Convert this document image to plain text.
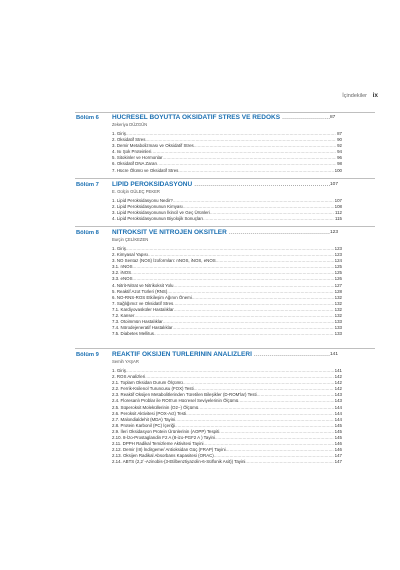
İçindekiler ix
Bölüm 6 HÜCRESEL BOYUTTA OKSİDATİF STRES VE REDOKS .....	87
Zekeriya DÜZGÜN
1. Giriş .....	87
2. Oksidatif Stres .....	90
3. Demir Metabolizması ve Oksidatif Stres .....	92
4. Isı Şok Proteinleri .....	94
5. Sitokinler ve Hormonlar .....	96
6. Oksidatif DNA Zararı .....	98
7. Hücre Ölümü ve Oksidatif Stres .....	100
Bölüm 7 LİPİD PEROKSİDASYONU .....	107
E. Gülçin GÜLEÇ PEKER
1. Lipid Peroksidasyonu Nedir? .....	107
2. Lipid Peroksidasyonunun Kimyası .....	108
3. Lipid Peroksidasyonunun İkincil ve Geç Ürünleri .....	112
4. Lipid Peroksidasyonunun Biyolojik Sonuçları .....	115
Bölüm 8 NİTROKSİT VE NİTROJEN OKSİTLER .....	123
Burçin ÇELİKEZEN
1. Giriş .....	123
2. Kimyasal Yapısı .....	123
3. NO Sentaz (NOS) İzoformları: nNOS, iNOS, eNOS .....	124
3.1. nNOS .....	125
3.2. iNOS .....	125
3.3. eNOS .....	126
4. Nitrit-Nitrat ve Nitrikoksit Yolu .....	127
5. Reaktif Azot Türleri (RNS) .....	128
6. NO-RNS-ROS Etkileşim Ağının Önemi .....	132
7. Sağlığımız ve Oksidatif Stres .....	132
7.1. Kardiyovasküler Hastalıklar .....	132
7.2. Kanser .....	132
7.3. Otoimmün Hastalıklar .....	133
7.4. Nörodejeneratif Hastalıklar .....	133
7.5. Diabetes Mellitus .....	133
Bölüm 9 REAKTİF OKSİJEN TÜRLERİNİN ANALİZLERİ .....	141
Semih YAŞAR
1. Giriş .....	141
2. ROS Analizleri .....	142
2.1. Toplam Oksidan Durum Ölçümü .....	142
2.2. Ferrik-Ksilenol Turuncusu (FOX) Testi .....	142
2.3. Reaktif Oksijen Metabolitlerinden Türetilen Bileşikler (D-ROM'lar) Testi .....	143
2.4. Floresanlı Problar ile ROS'un Hücresel Seviyelerinin Ölçümü .....	143
2.5. Süperoksit Moleküllerinin (O2−) Ölçümü .....	144
2.6. Peroksit Aktivitesi (POX-Act) Testi .....	144
2.7. Malondialdehit (MDA) Tayini .....	144
2.8. Protein Karbonil (PC) İçeriği .....	145
2.9. İleri Oksidasyon Protein Ürünlerinin (AOPP) Tespiti .....	145
2.10. 8-İzo-Prostaglandin F2 A (8-izo-PGF2 A ) Tayini .....	145
2.11. DPPH Radikal Temizleme Aktivitesi Tayini .....	146
2.12. Demir (III) İndirgeme/ Antioksidan Güç (FRAP) Tayini .....	146
2.13. Oksijen Radikal Absorbans Kapasitesi (ORAC) .....	147
2.14. ABTS (2,2´-Azinobis-(3-Etilbenztiyazolin-6-Sülfonik Asit)) Tayini .....	147
